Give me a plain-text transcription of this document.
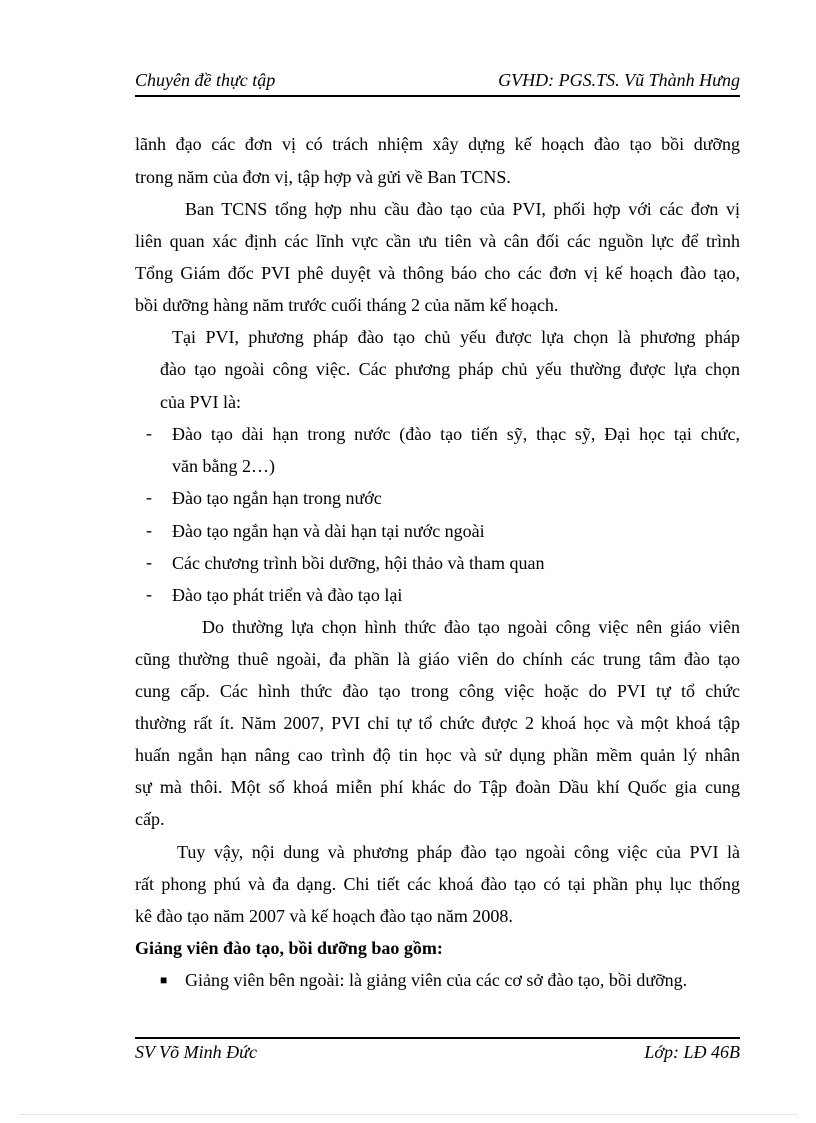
Chuyên đề thực tập	GVHD: PGS.TS. Vũ Thành Hưng
lãnh đạo các đơn vị có trách nhiệm xây dựng kế hoạch đào tạo bồi dưỡng
trong năm của đơn vị, tập hợp và gửi về Ban TCNS.
Ban TCNS tổng hợp nhu cầu đào tạo của PVI, phối hợp với các đơn vị
liên quan xác định các lĩnh vực cần ưu tiên và cân đối các nguồn lực để trình
Tổng Giám đốc PVI phê duyệt và thông báo cho các đơn vị kế hoạch đào tạo,
bồi dưỡng hàng năm trước cuối tháng 2 của năm kế hoạch.
Tại PVI, phương pháp đào tạo chủ yếu được lựa chọn là phương pháp
đào tạo ngoài công việc. Các phương pháp chủ yếu thường được lựa chọn
của PVI là:
- Đào tạo dài hạn trong nước (đào tạo tiến sỹ, thạc sỹ, Đại học tại chức,
văn bằng 2…)
- Đào tạo ngắn hạn trong nước
- Đào tạo ngắn hạn và dài hạn tại nước ngoài
- Các chương trình bồi dưỡng, hội thảo và tham quan
- Đào tạo phát triển và đào tạo lại
Do thường lựa chọn hình thức đào tạo ngoài công việc nên giáo viên
cũng thường thuê ngoài, đa phần là giáo viên do chính các trung tâm đào tạo
cung cấp. Các hình thức đào tạo trong công việc hoặc do PVI tự tổ chức
thường rất ít. Năm 2007, PVI chỉ tự tổ chức được 2 khoá học và một khoá tập
huấn ngắn hạn nâng cao trình độ tin học và sử dụng phần mềm quản lý nhân
sự mà thôi. Một số khoá miễn phí khác do Tập đoàn Dầu khí Quốc gia cung
cấp.
Tuy vậy, nội dung và phương pháp đào tạo ngoài công việc của PVI là
rất phong phú và đa dạng. Chi tiết các khoá đào tạo có tại phần phụ lục thống
kê đào tạo năm 2007 và kế hoạch đào tạo năm 2008.
Giảng viên đào tạo, bồi dưỡng bao gồm:
■ Giảng viên bên ngoài: là giảng viên của các cơ sở đào tạo, bồi dưỡng.
SV Võ Minh Đức	Lớp: LĐ 46B
